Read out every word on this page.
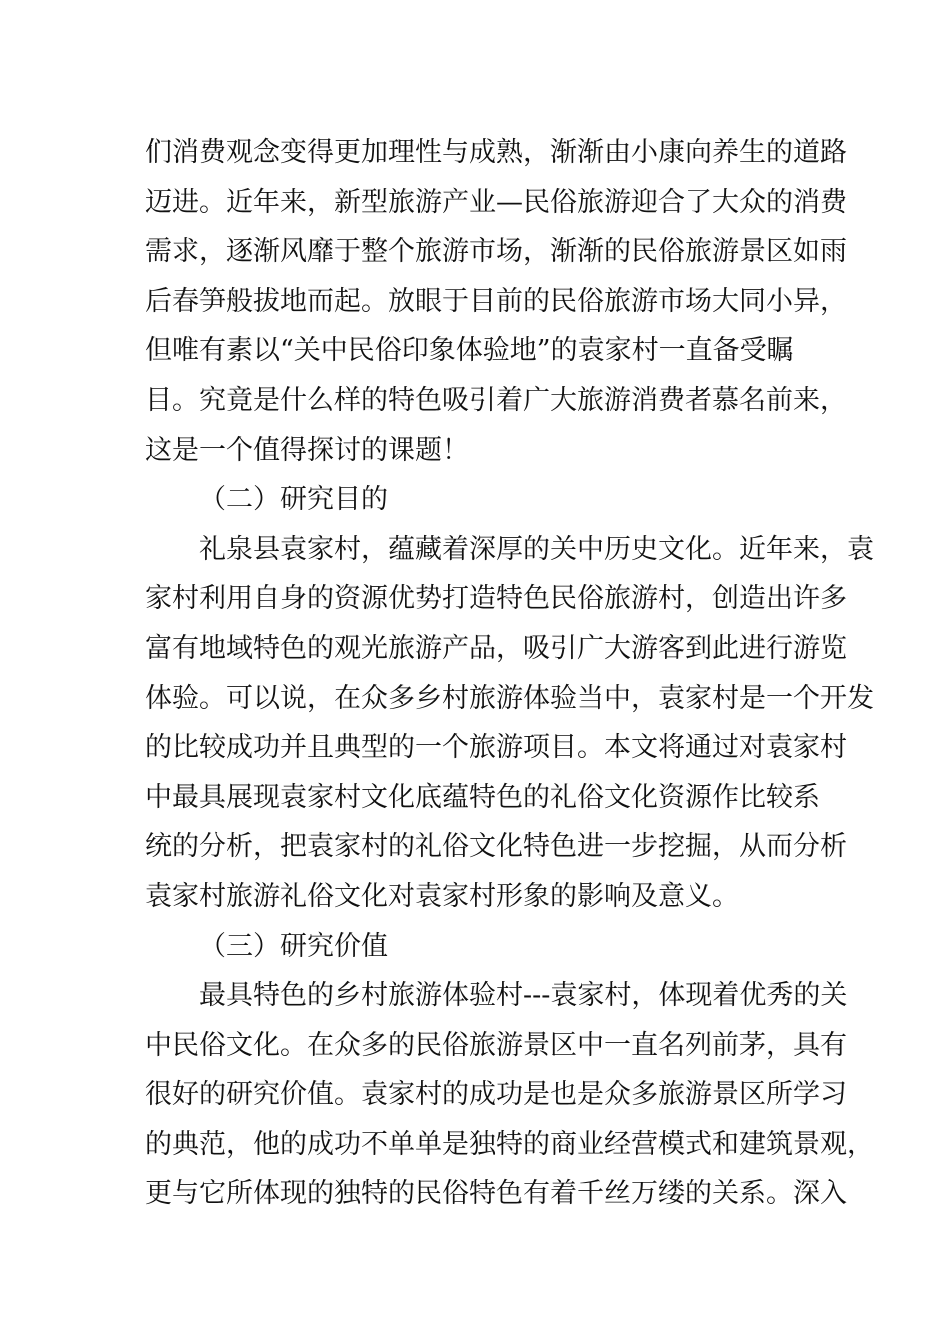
们消费观念变得更加理性与成熟，渐渐由小康向养生的道路
迈进。近年来，新型旅游产业—民俗旅游迎合了大众的消费
需求，逐渐风靡于整个旅游市场，渐渐的民俗旅游景区如雨
后春笋般拔地而起。放眼于目前的民俗旅游市场大同小异，
但唯有素以“关中民俗印象体验地”的袁家村一直备受瞩
目。究竟是什么样的特色吸引着广大旅游消费者慕名前来，
这是一个值得探讨的课题！
（二）研究目的
礼泉县袁家村，蕴藏着深厚的关中历史文化。近年来，袁
家村利用自身的资源优势打造特色民俗旅游村，创造出许多
富有地域特色的观光旅游产品，吸引广大游客到此进行游览
体验。可以说，在众多乡村旅游体验当中，袁家村是一个开发
的比较成功并且典型的一个旅游项目。本文将通过对袁家村
中最具展现袁家村文化底蕴特色的礼俗文化资源作比较系
统的分析，把袁家村的礼俗文化特色进一步挖掘，从而分析
袁家村旅游礼俗文化对袁家村形象的影响及意义。
（三）研究价值
最具特色的乡村旅游体验村---袁家村，体现着优秀的关
中民俗文化。在众多的民俗旅游景区中一直名列前茅，具有
很好的研究价值。袁家村的成功是也是众多旅游景区所学习
的典范，他的成功不单单是独特的商业经营模式和建筑景观，
更与它所体现的独特的民俗特色有着千丝万缕的关系。深入
